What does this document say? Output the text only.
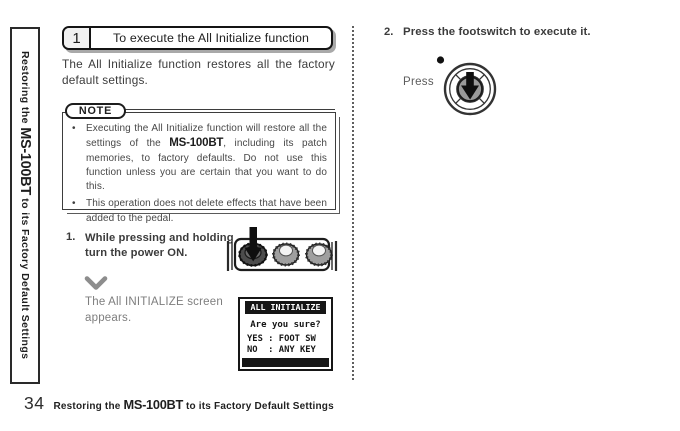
Restoring the MS-100BT to its Factory Default Settings
1	To execute the All Initialize function
The All Initialize function restores all the factory default settings.
NOTE
•	Executing the All Initialize function will restore all the settings of the MS-100BT, including its patch memories, to factory defaults. Do not use this function unless you are certain that you want to do this.
•	This operation does not delete effects that have been added to the pedal.
1. While pressing and holding turn the power ON.
The All INITIALIZE screen appears.
ALL INITIALIZE
Are you sure?
YES : FOOT SW
NO  : ANY KEY
2. Press the footswitch to execute it.
Press
34 Restoring the MS-100BT to its Factory Default Settings
